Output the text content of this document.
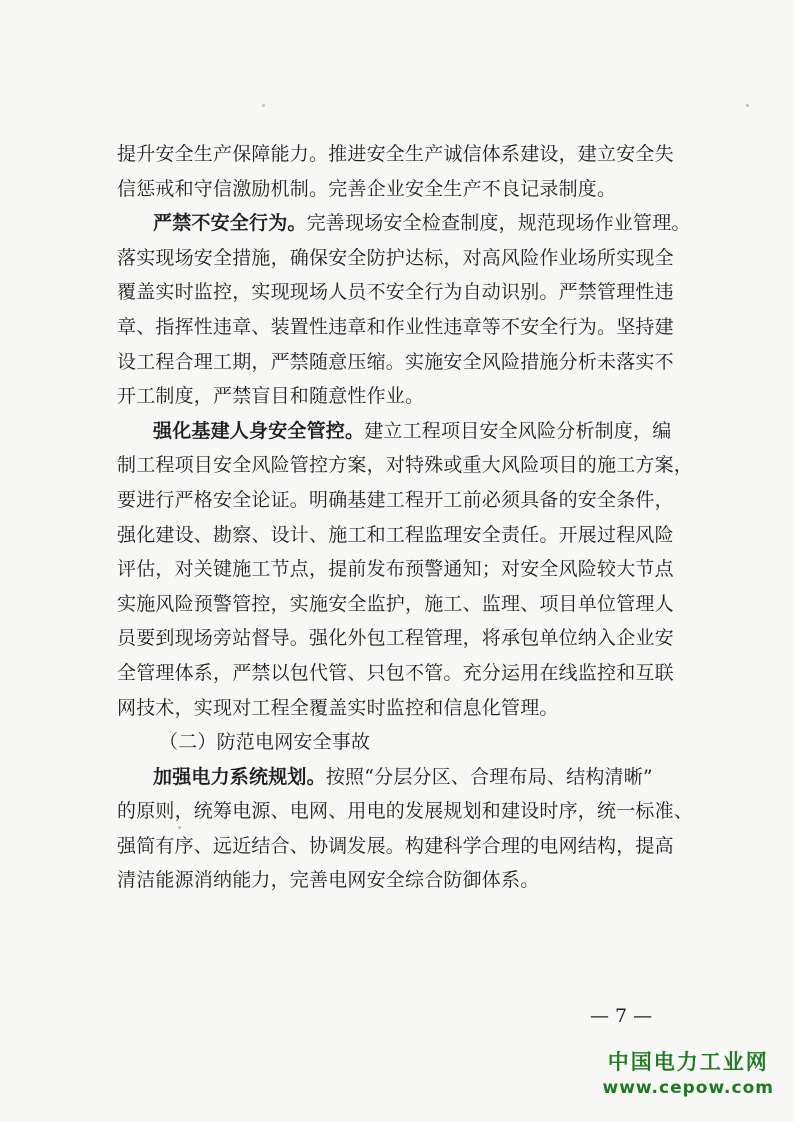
提升安全生产保障能力。推进安全生产诚信体系建设，建立安全失
信惩戒和守信激励机制。完善企业安全生产不良记录制度。
严禁不安全行为。完善现场安全检查制度，规范现场作业管理。
落实现场安全措施，确保安全防护达标，对高风险作业场所实现全
覆盖实时监控，实现现场人员不安全行为自动识别。严禁管理性违
章、指挥性违章、装置性违章和作业性违章等不安全行为。坚持建
设工程合理工期，严禁随意压缩。实施安全风险措施分析未落实不
开工制度，严禁盲目和随意性作业。
强化基建人身安全管控。建立工程项目安全风险分析制度，编
制工程项目安全风险管控方案，对特殊或重大风险项目的施工方案，
要进行严格安全论证。明确基建工程开工前必须具备的安全条件，
强化建设、勘察、设计、施工和工程监理安全责任。开展过程风险
评估，对关键施工节点，提前发布预警通知；对安全风险较大节点
实施风险预警管控，实施安全监护，施工、监理、项目单位管理人
员要到现场旁站督导。强化外包工程管理，将承包单位纳入企业安
全管理体系，严禁以包代管、只包不管。充分运用在线监控和互联
网技术，实现对工程全覆盖实时监控和信息化管理。
（二）防范电网安全事故
加强电力系统规划。按照“分层分区、合理布局、结构清晰”
的原则，统筹电源、电网、用电的发展规划和建设时序，统一标准、
强简有序、远近结合、协调发展。构建科学合理的电网结构，提高
清洁能源消纳能力，完善电网安全综合防御体系。
— 7 —
中国电力工业网
www.cepow.com
